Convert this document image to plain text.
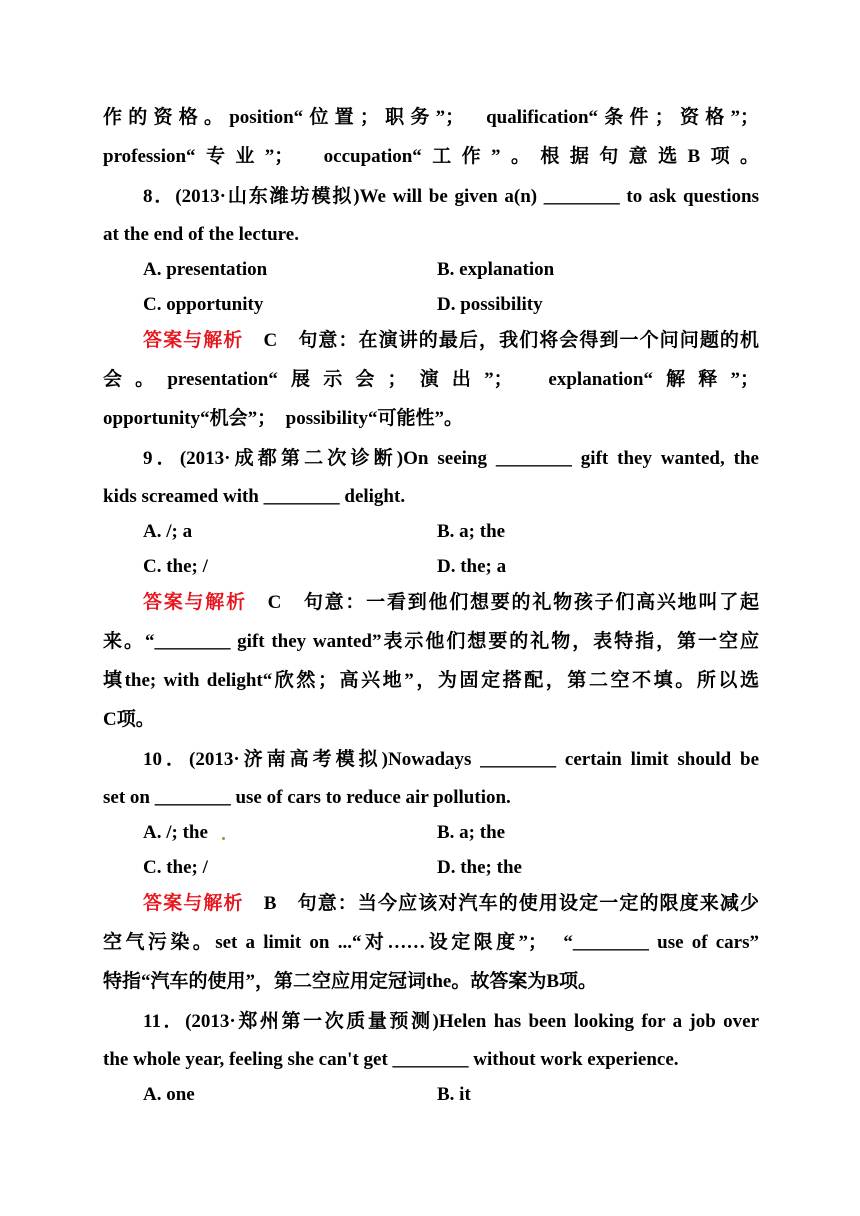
作的资格。position“位置；职务”；　qualification“条件；资格”；
profession“专业”；　occupation“工作”。根据句意选B项。
8．(2013·山东潍坊模拟)We will be given a(n) ________ to ask questions
at the end of the lecture.
A. presentation	B. explanation
C. opportunity	D. possibility
答案与解析　 C　句意：在演讲的最后，我们将会得到一个问问题的机
会。presentation“展示会；演出”；　explanation“解释”；
opportunity“机会”；　possibility“可能性”。
9．(2013·成都第二次诊断)On seeing ________ gift they wanted, the
kids screamed with ________ delight.
A. /; a	B. a; the
C. the; /	D. the; a
答案与解析　 C　句意：一看到他们想要的礼物孩子们高兴地叫了起
来。“________ gift they wanted”表示他们想要的礼物，表特指，第一空应
填the; with delight“欣然；高兴地”，为固定搭配，第二空不填。所以选
C项。
10．(2013·济南高考模拟)Nowadays ________ certain limit should be
set on ________ use of cars to reduce air pollution.
A. /; the	B. a; the
C. the; /	D. the; the
答案与解析　 B　句意：当今应该对汽车的使用设定一定的限度来减少
空气污染。set a limit on ...“对……设定限度”；　“________ use of cars”
特指“汽车的使用”，第二空应用定冠词the。故答案为B项。
11．(2013·郑州第一次质量预测)Helen has been looking for a job over
the whole year, feeling she can't get ________ without work experience.
A. one	B. it
